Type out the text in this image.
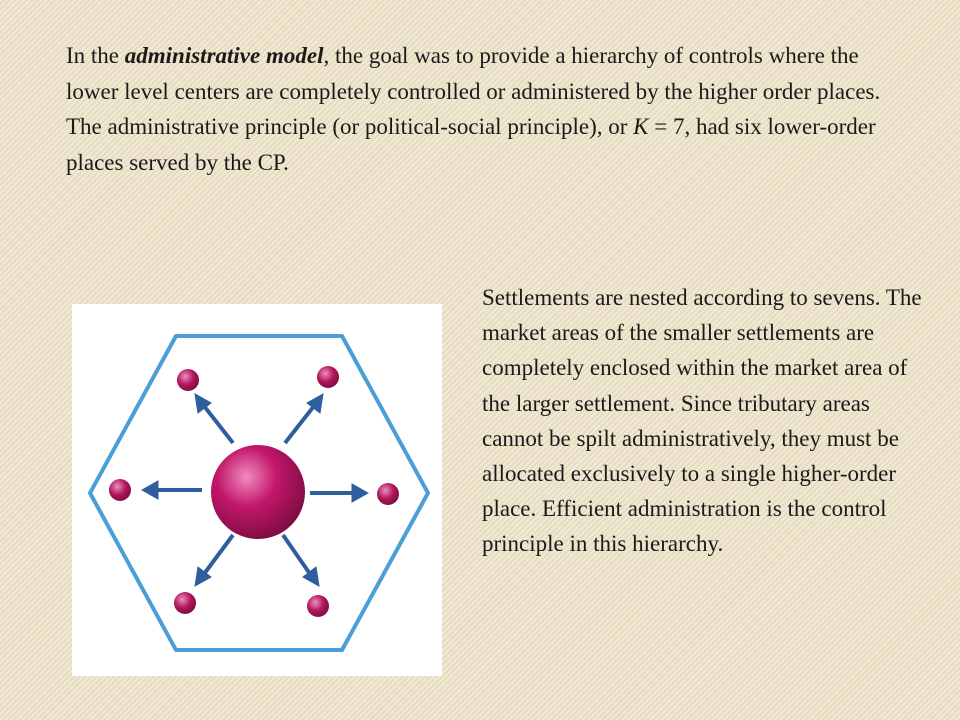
In the administrative model, the goal was to provide a hierarchy of controls where the lower level centers are completely controlled or administered by the higher order places. The administrative principle (or political-social principle), or K = 7, had six lower-order places served by the CP.

Settlements are nested according to sevens. The market areas of the smaller settlements are completely enclosed within the market area of the larger settlement. Since tributary areas cannot be spilt administratively, they must be allocated exclusively to a single higher-order place. Efficient administration is the control principle in this hierarchy.
